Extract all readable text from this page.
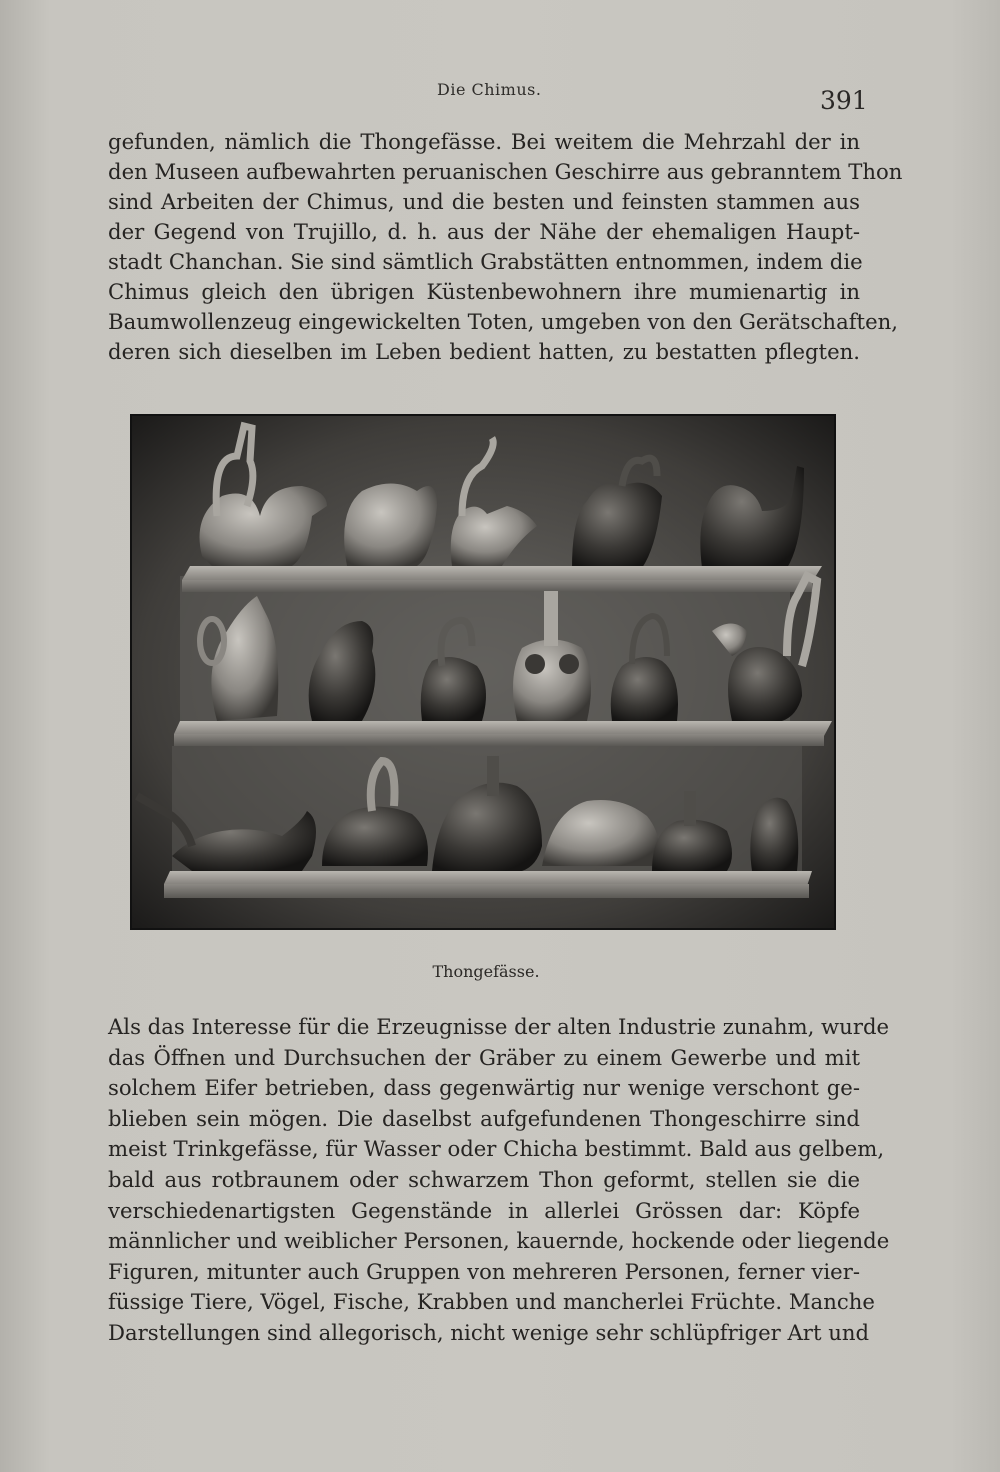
Die Chimus.	391
gefunden, nämlich die Thongefässe. Bei weitem die Mehrzahl der in
den Museen aufbewahrten peruanischen Geschirre aus gebranntem Thon
sind Arbeiten der Chimus, und die besten und feinsten stammen aus
der Gegend von Trujillo, d. h. aus der Nähe der ehemaligen Haupt-
stadt Chanchan. Sie sind sämtlich Grabstätten entnommen, indem die
Chimus gleich den übrigen Küstenbewohnern ihre mumienartig in
Baumwollenzeug eingewickelten Toten, umgeben von den Gerätschaften,
deren sich dieselben im Leben bedient hatten, zu bestatten pflegten.
Thongefässe.
Als das Interesse für die Erzeugnisse der alten Industrie zunahm, wurde
das Öffnen und Durchsuchen der Gräber zu einem Gewerbe und mit
solchem Eifer betrieben, dass gegenwärtig nur wenige verschont ge-
blieben sein mögen. Die daselbst aufgefundenen Thongeschirre sind
meist Trinkgefässe, für Wasser oder Chicha bestimmt. Bald aus gelbem,
bald aus rotbraunem oder schwarzem Thon geformt, stellen sie die
verschiedenartigsten Gegenstände in allerlei Grössen dar: Köpfe
männlicher und weiblicher Personen, kauernde, hockende oder liegende
Figuren, mitunter auch Gruppen von mehreren Personen, ferner vier-
füssige Tiere, Vögel, Fische, Krabben und mancherlei Früchte. Manche
Darstellungen sind allegorisch, nicht wenige sehr schlüpfriger Art und
